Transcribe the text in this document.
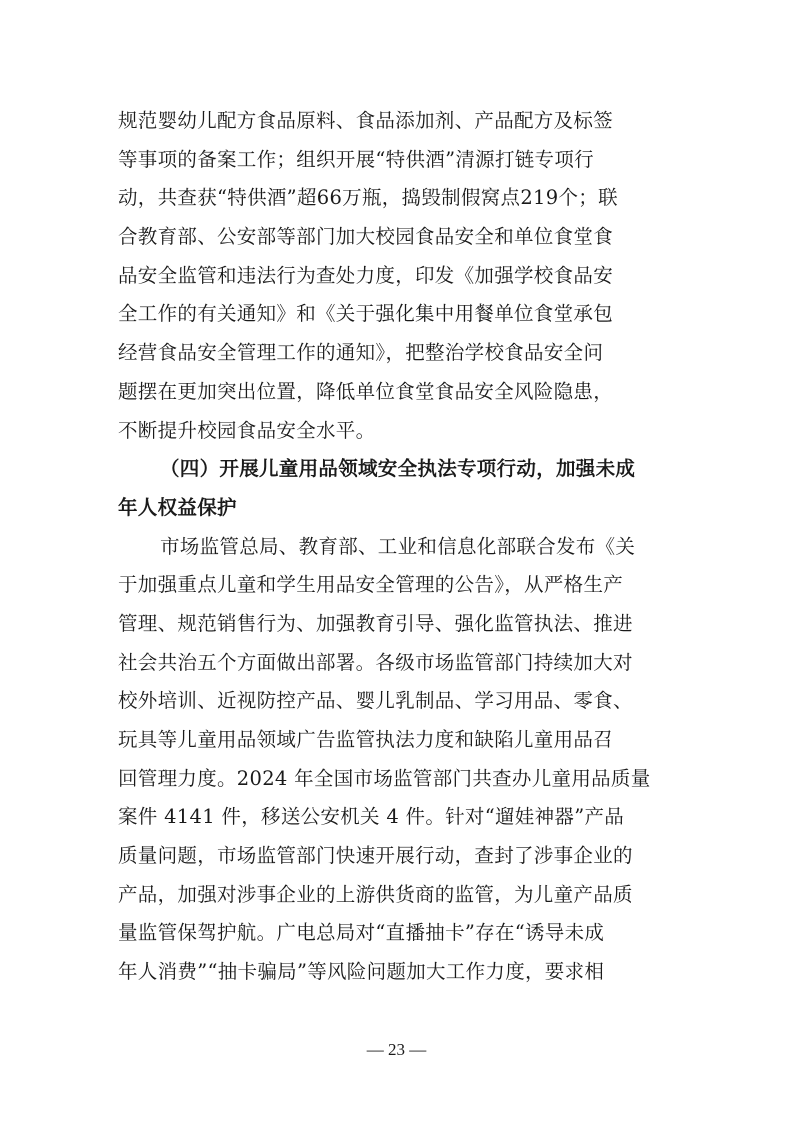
规范婴幼儿配方食品原料、食品添加剂、产品配方及标签
等事项的备案工作；组织开展“特供酒”清源打链专项行
动，共查获“特供酒”超66万瓶，捣毁制假窝点219个；联
合教育部、公安部等部门加大校园食品安全和单位食堂食
品安全监管和违法行为查处力度，印发《加强学校食品安
全工作的有关通知》和《关于强化集中用餐单位食堂承包
经营食品安全管理工作的通知》，把整治学校食品安全问
题摆在更加突出位置，降低单位食堂食品安全风险隐患，
不断提升校园食品安全水平。
（四）开展儿童用品领域安全执法专项行动，加强未成
年人权益保护
市场监管总局、教育部、工业和信息化部联合发布《关
于加强重点儿童和学生用品安全管理的公告》，从严格生产
管理、规范销售行为、加强教育引导、强化监管执法、推进
社会共治五个方面做出部署。各级市场监管部门持续加大对
校外培训、近视防控产品、婴儿乳制品、学习用品、零食、
玩具等儿童用品领域广告监管执法力度和缺陷儿童用品召
回管理力度。2024 年全国市场监管部门共查办儿童用品质量
案件 4141 件，移送公安机关 4 件。针对“遛娃神器”产品
质量问题，市场监管部门快速开展行动，查封了涉事企业的
产品，加强对涉事企业的上游供货商的监管，为儿童产品质
量监管保驾护航。广电总局对“直播抽卡”存在“诱导未成
年人消费”“抽卡骗局”等风险问题加大工作力度，要求相
— 23 —
